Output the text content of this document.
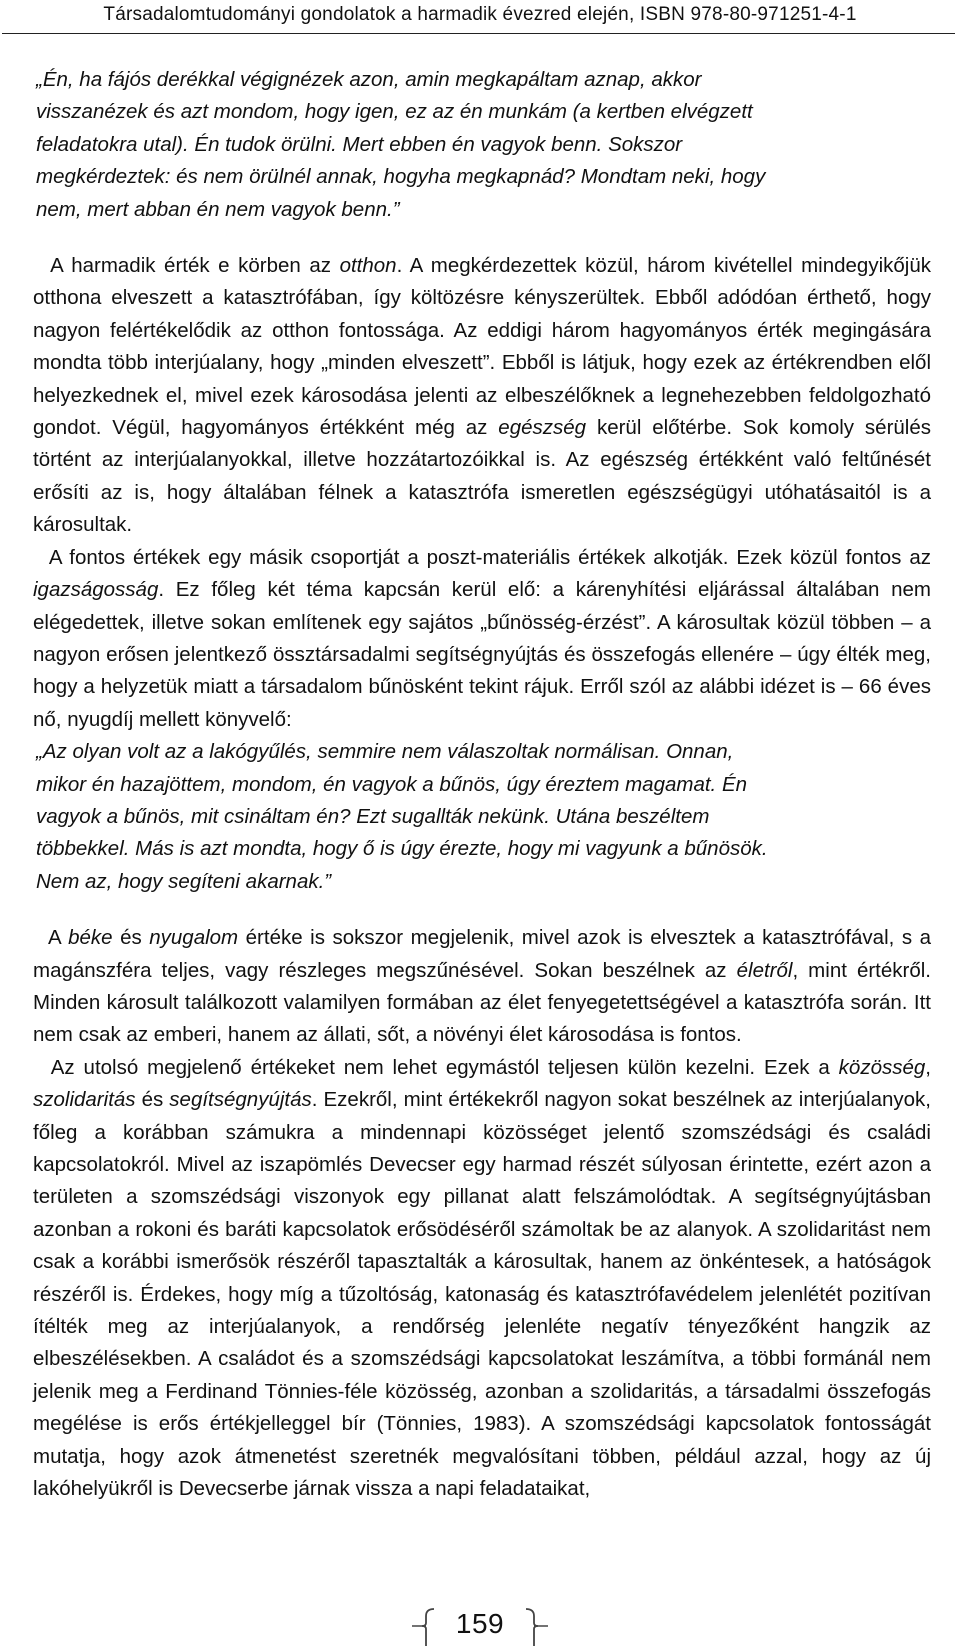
Társadalomtudományi gondolatok a harmadik évezred elején, ISBN 978-80-971251-4-1
„Én, ha fájós derékkal végignézek azon, amin megkapáltam aznap, akkor
visszanézek és azt mondom, hogy igen, ez az én munkám (a kertben elvégzett
feladatokra utal). Én tudok örülni. Mert ebben én vagyok benn. Sokszor
megkérdeztek: és nem örülnél annak, hogyha megkapnád? Mondtam neki, hogy
nem, mert abban én nem vagyok benn.”

A harmadik érték e körben az otthon. A megkérdezettek közül, három kivétellel mindegyikőjük otthona elveszett a katasztrófában, így költözésre kényszerültek. Ebből adódóan érthető, hogy nagyon felértékelődik az otthon fontossága. Az eddigi három hagyományos érték megingására mondta több interjúalany, hogy „minden elveszett”. Ebből is látjuk, hogy ezek az értékrendben elől helyezkednek el, mivel ezek károsodása jelenti az elbeszélőknek a legnehezebben feldolgozható gondot. Végül, hagyományos értékként még az egészség kerül előtérbe. Sok komoly sérülés történt az interjúalanyokkal, illetve hozzátartozóikkal is. Az egészség értékként való feltűnését erősíti az is, hogy általában félnek a katasztrófa ismeretlen egészségügyi utóhatásaitól is a károsultak.

A fontos értékek egy másik csoportját a poszt-materiális értékek alkotják. Ezek közül fontos az igazságosság. Ez főleg két téma kapcsán kerül elő: a kárenyhítési eljárással általában nem elégedettek, illetve sokan említenek egy sajátos „bűnösség-érzést”. A károsultak közül többen – a nagyon erősen jelentkező össztársadalmi segítségnyújtás és összefogás ellenére – úgy élték meg, hogy a helyzetük miatt a társadalom bűnösként tekint rájuk. Erről szól az alábbi idézet is – 66 éves nő, nyugdíj mellett könyvelő:

„Az olyan volt az a lakógyűlés, semmire nem válaszoltak normálisan. Onnan,
mikor én hazajöttem, mondom, én vagyok a bűnös, úgy éreztem magamat. Én
vagyok a bűnös, mit csináltam én? Ezt sugallták nekünk. Utána beszéltem
többekkel. Más is azt mondta, hogy ő is úgy érezte, hogy mi vagyunk a bűnösök.
Nem az, hogy segíteni akarnak.”

A béke és nyugalom értéke is sokszor megjelenik, mivel azok is elvesztek a katasztrófával, s a magánszféra teljes, vagy részleges megszűnésével. Sokan beszélnek az életről, mint értékről. Minden károsult találkozott valamilyen formában az élet fenyegetettségével a katasztrófa során. Itt nem csak az emberi, hanem az állati, sőt, a növényi élet károsodása is fontos.

Az utolsó megjelenő értékeket nem lehet egymástól teljesen külön kezelni. Ezek a közösség, szolidaritás és segítségnyújtás. Ezekről, mint értékekről nagyon sokat beszélnek az interjúalanyok, főleg a korábban számukra a mindennapi közösséget jelentő szomszédsági és családi kapcsolatokról. Mivel az iszapömlés Devecser egy harmad részét súlyosan érintette, ezért azon a területen a szomszédsági viszonyok egy pillanat alatt felszámolódtak. A segítségnyújtásban azonban a rokoni és baráti kapcsolatok erősödéséről számoltak be az alanyok. A szolidaritást nem csak a korábbi ismerősök részéről tapasztalták a károsultak, hanem az önkéntesek, a hatóságok részéről is. Érdekes, hogy míg a tűzoltóság, katonaság és katasztrófavédelem jelenlétét pozitívan ítélték meg az interjúalanyok, a rendőrség jelenléte negatív tényezőként hangzik az elbeszélésekben. A családot és a szomszédsági kapcsolatokat leszámítva, a többi formánál nem jelenik meg a Ferdinand Tönnies-féle közösség, azonban a szolidaritás, a társadalmi összefogás megélése is erős értékjelleggel bír (Tönnies, 1983). A szomszédsági kapcsolatok fontosságát mutatja, hogy azok átmenetést szeretnék megvalósítani többen, például azzal, hogy az új lakóhelyükről is Devecserbe járnak vissza a napi feladataikat,

159
